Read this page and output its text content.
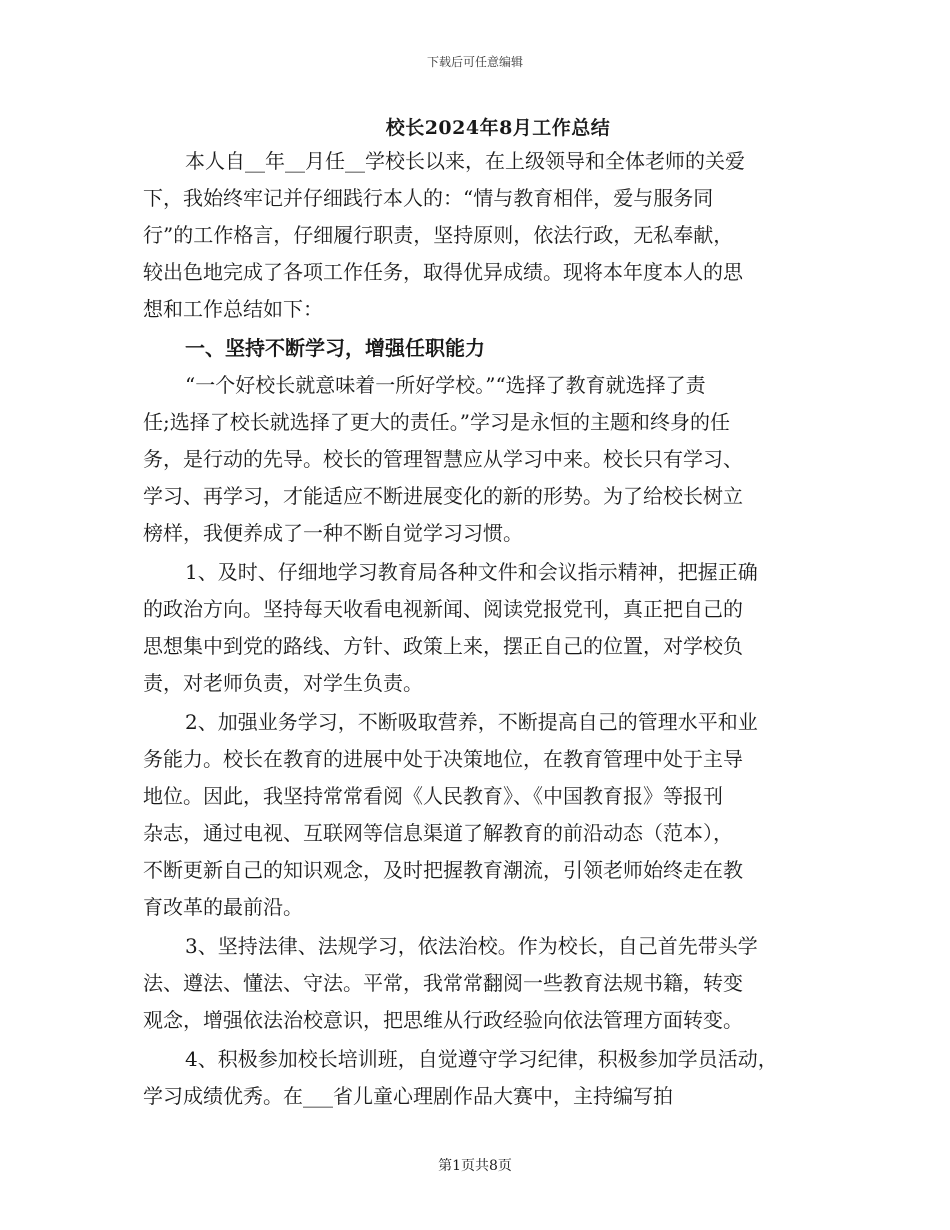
下载后可任意编辑
校长2024年8月工作总结
本人自__年__月任__学校长以来，在上级领导和全体老师的关爱
下，我始终牢记并仔细践行本人的：“情与教育相伴，爱与服务同
行”的工作格言，仔细履行职责，坚持原则，依法行政，无私奉献，
较出色地完成了各项工作任务，取得优异成绩。现将本年度本人的思
想和工作总结如下：
一、坚持不断学习，增强任职能力
“一个好校长就意味着一所好学校。”“选择了教育就选择了责
任;选择了校长就选择了更大的责任。”学习是永恒的主题和终身的任
务，是行动的先导。校长的管理智慧应从学习中来。校长只有学习、
学习、再学习，才能适应不断进展变化的新的形势。为了给校长树立
榜样，我便养成了一种不断自觉学习习惯。
1、及时、仔细地学习教育局各种文件和会议指示精神，把握正确
的政治方向。坚持每天收看电视新闻、阅读党报党刊，真正把自己的
思想集中到党的路线、方针、政策上来，摆正自己的位置，对学校负
责，对老师负责，对学生负责。
2、加强业务学习，不断吸取营养，不断提高自己的管理水平和业
务能力。校长在教育的进展中处于决策地位，在教育管理中处于主导
地位。因此，我坚持常常看阅《人民教育》、《中国教育报》等报刊
杂志，通过电视、互联网等信息渠道了解教育的前沿动态（范本），
不断更新自己的知识观念，及时把握教育潮流，引领老师始终走在教
育改革的最前沿。
3、坚持法律、法规学习，依法治校。作为校长，自己首先带头学
法、遵法、懂法、守法。平常，我常常翻阅一些教育法规书籍，转变
观念，增强依法治校意识，把思维从行政经验向依法管理方面转变。
4、积极参加校长培训班，自觉遵守学习纪律，积极参加学员活动，
学习成绩优秀。在___省儿童心理剧作品大赛中，主持编写拍
第1页共8页
